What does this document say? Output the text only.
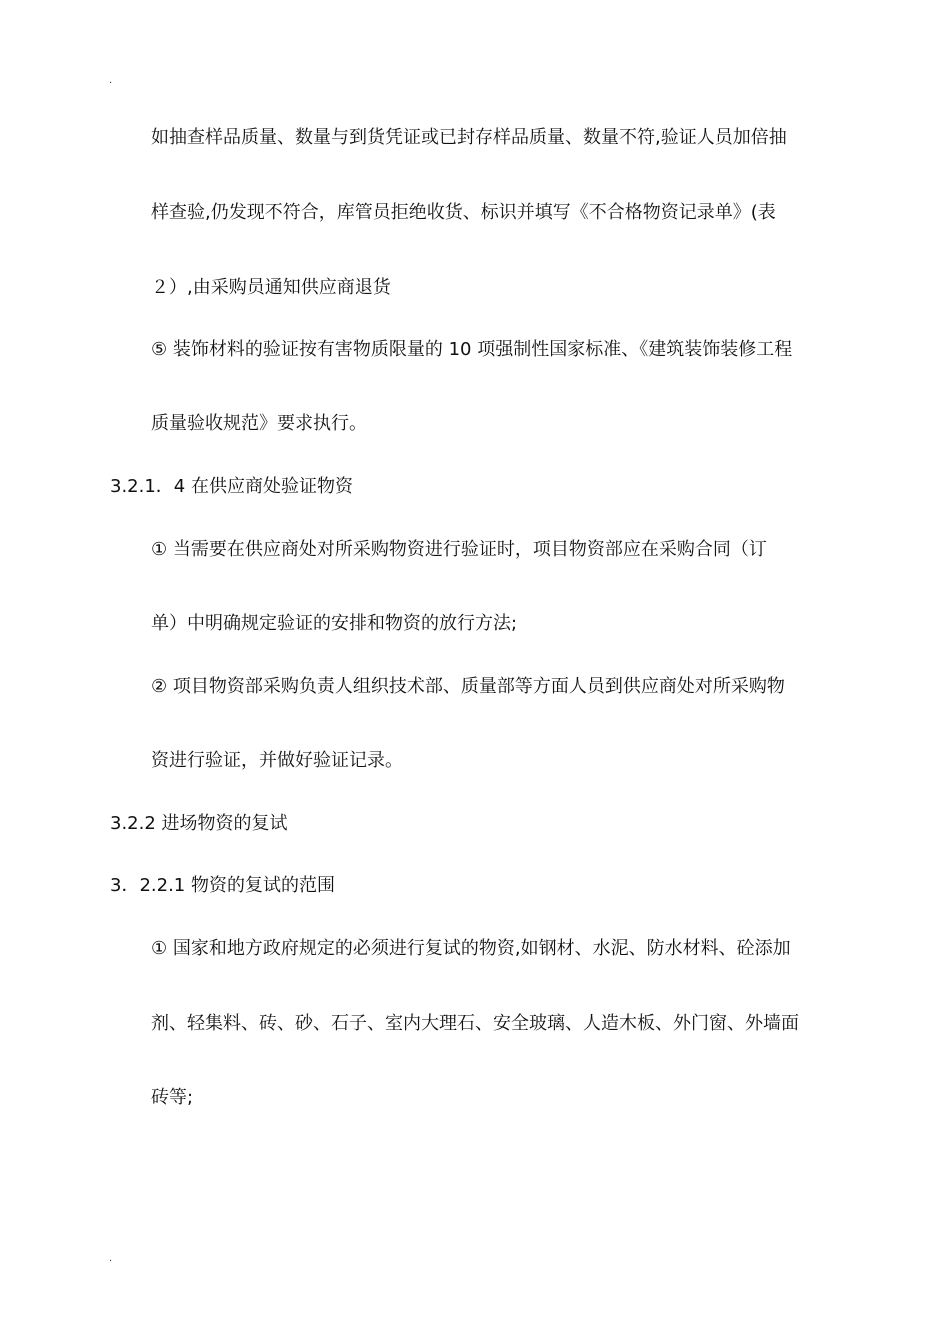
.
如抽查样品质量、数量与到货凭证或已封存样品质量、数量不符,验证人员加倍抽
样查验,仍发现不符合，库管员拒绝收货、标识并填写《不合格物资记录单》(表
２）,由采购员通知供应商退货
⑤ 装饰材料的验证按有害物质限量的 10 项强制性国家标准、《建筑装饰装修工程
质量验收规范》要求执行。
3.2.1．4 在供应商处验证物资
① 当需要在供应商处对所采购物资进行验证时，项目物资部应在采购合同（订
单）中明确规定验证的安排和物资的放行方法;
② 项目物资部采购负责人组织技术部、质量部等方面人员到供应商处对所采购物
资进行验证，并做好验证记录。
3.2.2 进场物资的复试
3．2.2.1 物资的复试的范围
① 国家和地方政府规定的必须进行复试的物资,如钢材、水泥、防水材料、砼添加
剂、轻集料、砖、砂、石子、室内大理石、安全玻璃、人造木板、外门窗、外墙面
砖等;
.
